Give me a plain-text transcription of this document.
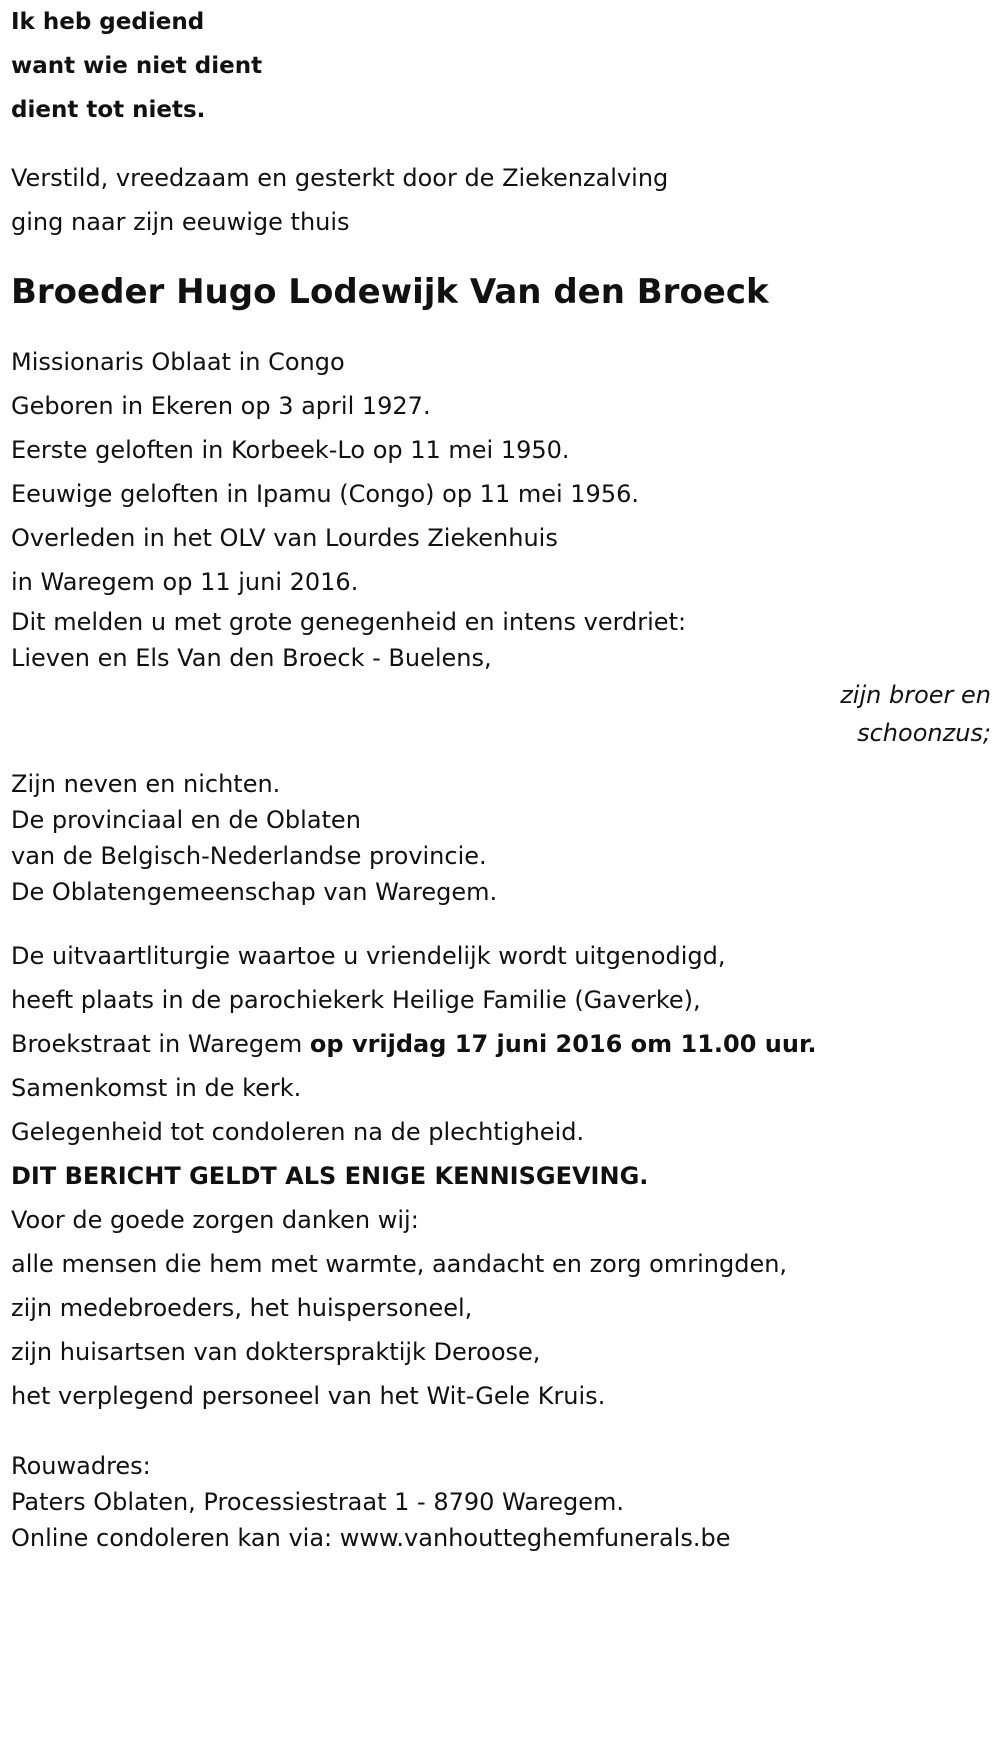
Ik heb gediend
want wie niet dient
dient tot niets.
Verstild, vreedzaam en gesterkt door de Ziekenzalving
ging naar zijn eeuwige thuis
Broeder Hugo Lodewijk Van den Broeck
Missionaris Oblaat in Congo
Geboren in Ekeren op 3 april 1927.
Eerste geloften in Korbeek-Lo op 11 mei 1950.
Eeuwige geloften in Ipamu (Congo) op 11 mei 1956.
Overleden in het OLV van Lourdes Ziekenhuis
in Waregem op 11 juni 2016.
Dit melden u met grote genegenheid en intens verdriet:
Lieven en Els Van den Broeck - Buelens,
zijn broer en
schoonzus;
Zijn neven en nichten.
De provinciaal en de Oblaten
van de Belgisch-Nederlandse provincie.
De Oblatengemeenschap van Waregem.
De uitvaartliturgie waartoe u vriendelijk wordt uitgenodigd,
heeft plaats in de parochiekerk Heilige Familie (Gaverke),
Broekstraat in Waregem op vrijdag 17 juni 2016 om 11.00 uur.
Samenkomst in de kerk.
Gelegenheid tot condoleren na de plechtigheid.
DIT BERICHT GELDT ALS ENIGE KENNISGEVING.
Voor de goede zorgen danken wij:
alle mensen die hem met warmte, aandacht en zorg omringden,
zijn medebroeders, het huispersoneel,
zijn huisartsen van dokterspraktijk Deroose,
het verplegend personeel van het Wit-Gele Kruis.
Rouwadres:
Paters Oblaten, Processiestraat 1 - 8790 Waregem.
Online condoleren kan via: www.vanhoutteghemfunerals.be
